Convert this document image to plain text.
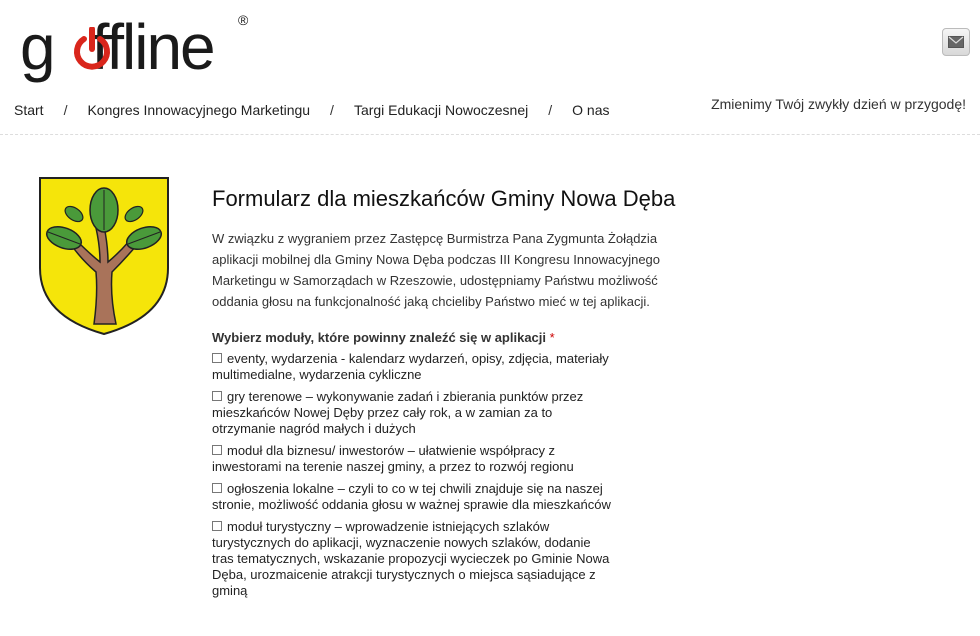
g ffline ®
Start / Kongres Innowacyjnego Marketingu / Targi Edukacji Nowoczesnej / O nas	Zmienimy Twój zwykły dzień w przygodę!
Formularz dla mieszkańców Gminy Nowa Dęba

W związku z wygraniem przez Zastępcę Burmistrza Pana Zygmunta Żołądzia aplikacji mobilnej dla Gminy Nowa Dęba podczas III Kongresu Innowacyjnego Marketingu w Samorządach w Rzeszowie, udostępniamy Państwu możliwość oddania głosu na funkcjonalność jaką chcieliby Państwo mieć w tej aplikacji.

Wybierz moduły, które powinny znaleźć się w aplikacji *
eventy, wydarzenia - kalendarz wydarzeń, opisy, zdjęcia, materiały multimedialne, wydarzenia cykliczne
gry terenowe – wykonywanie zadań i zbierania punktów przez mieszkańców Nowej Dęby przez cały rok, a w zamian za to otrzymanie nagród małych i dużych
moduł dla biznesu/ inwestorów – ułatwienie współpracy z inwestorami na terenie naszej gminy, a przez to rozwój regionu
ogłoszenia lokalne – czyli to co w tej chwili znajduje się na naszej stronie, możliwość oddania głosu w ważnej sprawie dla mieszkańców
moduł turystyczny – wprowadzenie istniejących szlaków turystycznych do aplikacji, wyznaczenie nowych szlaków, dodanie tras tematycznych, wskazanie propozycji wycieczek po Gminie Nowa Dęba, urozmaicenie atrakcji turystycznych o miejsca sąsiadujące z gminą
